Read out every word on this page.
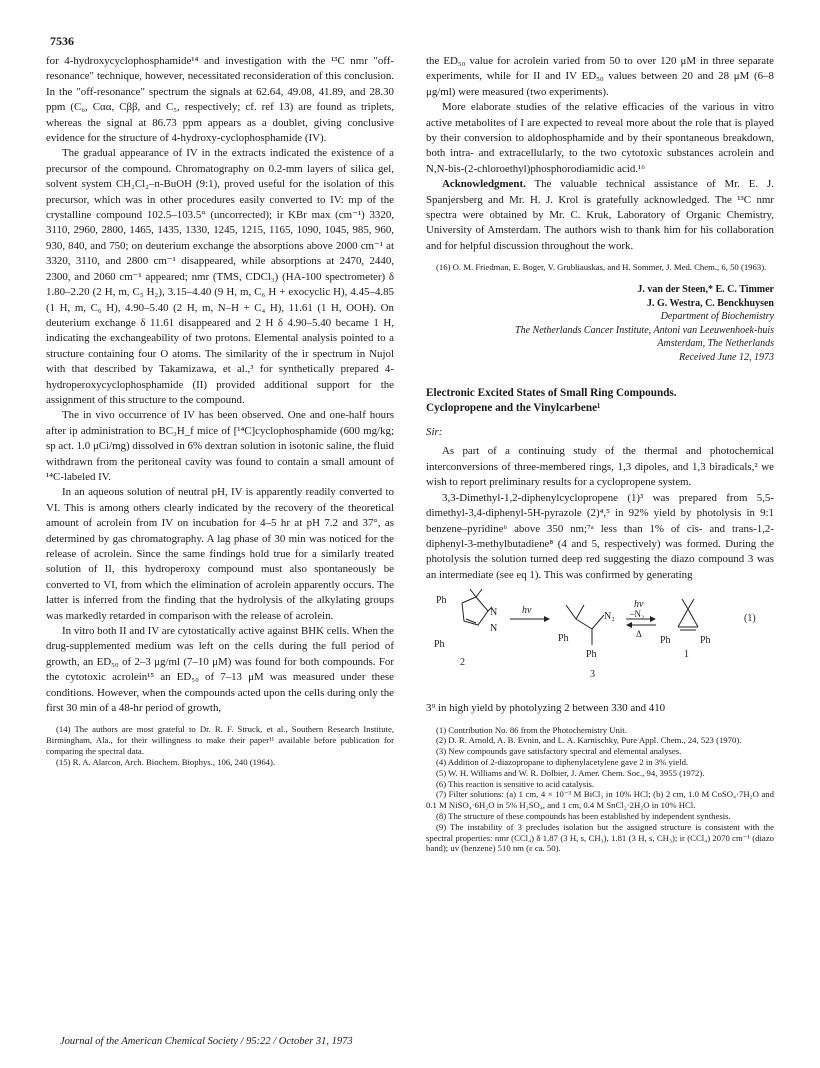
7536

for 4-hydroxycyclophosphamide¹⁴ and investigation with the ¹³C nmr "off-resonance" technique, however, necessitated reconsideration of this conclusion. In the "off-resonance" spectrum the signals at 62.64, 49.08, 41.89, and 28.30 ppm (C₆, Cαα, Cββ, and C₅, respectively; cf. ref 13) are found as triplets, whereas the signal at 86.73 ppm appears as a doublet, giving conclusive evidence for the structure of 4-hydroxy-cyclophosphamide (IV).

The gradual appearance of IV in the extracts indicated the existence of a precursor of the compound. Chromatography on 0.2-mm layers of silica gel, solvent system CH₂Cl₂–n-BuOH (9:1), proved useful for the isolation of this precursor, which was in other procedures easily converted to IV: mp of the crystalline compound 102.5–103.5° (uncorrected); ir KBr max (cm⁻¹) 3320, 3110, 2960, 2800, 1465, 1435, 1330, 1245, 1215, 1165, 1090, 1045, 985, 960, 930, 840, and 750; on deuterium exchange the absorptions above 2000 cm⁻¹ at 3320, 3110, and 2800 cm⁻¹ disappeared, while absorptions at 2470, 2440, 2300, and 2060 cm⁻¹ appeared; nmr (TMS, CDCl₃) (HA-100 spectrometer) δ 1.80–2.20 (2 H, m, C₅ H₂), 3.15–4.40 (9 H, m, C₆ H + exocyclic H), 4.45–4.85 (1 H, m, C₆ H), 4.90–5.40 (2 H, m, N–H + C₄ H), 11.61 (1 H, OOH). On deuterium exchange δ 11.61 disappeared and 2 H δ 4.90–5.40 became 1 H, indicating the exchangeability of two protons. Elemental analysis pointed to a structure containing four O atoms. The similarity of the ir spectrum in Nujol with that described by Takamizawa, et al.,³ for synthetically prepared 4-hydroperoxycyclophosphamide (II) provided additional support for the assignment of this structure to the compound.

The in vivo occurrence of IV has been observed. One and one-half hours after ip administration to BC₃H_f mice of [¹⁴C]cyclophosphamide (600 mg/kg; sp act. 1.0 μCi/mg) dissolved in 6% dextran solution in isotonic saline, the fluid withdrawn from the peritoneal cavity was found to contain a small amount of ¹⁴C-labeled IV.

In an aqueous solution of neutral pH, IV is apparently readily converted to VI. This is among others clearly indicated by the recovery of the theoretical amount of acrolein from IV on incubation for 4–5 hr at pH 7.2 and 37°, as determined by gas chromatography. A lag phase of 30 min was noticed for the release of acrolein. Since the same findings hold true for a similarly treated solution of II, this hydroperoxy compound must also spontaneously be converted to VI, from which the elimination of acrolein apparently occurs. The latter is inferred from the finding that the hydrolysis of the alkylating groups was markedly retarded in comparison with the release of acrolein.

In vitro both II and IV are cytostatically active against BHK cells. When the drug-supplemented medium was left on the cells during the full period of growth, an ED₅₀ of 2–3 μg/ml (7–10 μM) was found for both compounds. For the cytotoxic acrolein¹⁵ an ED₅₀ of 7–13 μM was measured under these conditions. However, when the compounds acted upon the cells during only the first 30 min of a 48-hr period of growth,

(14) The authors are most grateful to Dr. R. F. Struck, et al., Southern Research Institute, Birmingham, Ala., for their willingness to make their paper¹¹ available before publication for comparing the spectral data.

(15) R. A. Alarcon, Arch. Biochem. Biophys., 106, 240 (1964).

the ED₅₀ value for acrolein varied from 50 to over 120 μM in three separate experiments, while for II and IV ED₅₀ values between 20 and 28 μM (6–8 μg/ml) were measured (two experiments).

More elaborate studies of the relative efficacies of the various in vitro active metabolites of I are expected to reveal more about the role that is played by their conversion to aldophosphamide and by their spontaneous breakdown, both intra- and extracellularly, to the two cytotoxic substances acrolein and N,N-bis-(2-chloroethyl)phosphorodiamidic acid.¹⁶

Acknowledgment. The valuable technical assistance of Mr. E. J. Spanjersberg and Mr. H. J. Krol is gratefully acknowledged. The ¹³C nmr spectra were obtained by Mr. C. Kruk, Laboratory of Organic Chemistry, University of Amsterdam. The authors wish to thank him for his collaboration and for helpful discussion throughout the work.

(16) O. M. Friedman, E. Boger, V. Grubliauskas, and H. Sommer, J. Med. Chem., 6, 50 (1963).

J. van der Steen,* E. C. Timmer
J. G. Westra, C. Benckhuysen
Department of Biochemistry
The Netherlands Cancer Institute, Antoni van Leeuwenhoek-huis
Amsterdam, The Netherlands
Received June 12, 1973
Electronic Excited States of Small Ring Compounds.
Cyclopropene and the Vinylcarbene¹
Sir:

As part of a continuing study of the thermal and photochemical interconversions of three-membered rings, 1,3 dipoles, and 1,3 biradicals,² we wish to report preliminary results for a cyclopropene system.

3,3-Dimethyl-1,2-diphenylcyclopropene (1)³ was prepared from 5,5-dimethyl-3,4-diphenyl-5H-pyrazole (2)⁴,⁵ in 92% yield by photolysis in 9:1 benzene–pyridine⁶ above 350 nm;⁷ᵃ less than 1% of cis- and trans-1,2-diphenyl-3-methylbutadiene⁸ (4 and 5, respectively) was formed. During the photolysis the solution turned deep red suggesting the diazo compound 3 was an intermediate (see eq 1). This was confirmed by generating

Ph
N
N
Ph
2
hν
N₂
Ph
Ph
3
hν
–N₂
Δ
Ph	Ph
1
(1)

3⁹ in high yield by photolyzing 2 between 330 and 410

(1) Contribution No. 86 from the Photochemistry Unit.

(2) D. R. Arnold, A. B. Evnin, and L. A. Karnischky, Pure Appl. Chem., 24, 523 (1970).

(3) New compounds gave satisfactory spectral and elemental analyses.

(4) Addition of 2-diazopropane to diphenylacetylene gave 2 in 3% yield.

(5) W. H. Williams and W. R. Dolbier, J. Amer. Chem. Soc., 94, 3955 (1972).

(6) This reaction is sensitive to acid catalysis.

(7) Filter solutions: (a) 1 cm, 4 × 10⁻³ M BiCl₃ in 10% HCl; (b) 2 cm, 1.0 M CoSO₄·7H₂O and 0.1 M NiSO₄·6H₂O in 5% H₂SO₄, and 1 cm, 0.4 M SnCl₂·2H₂O in 10% HCl.

(8) The structure of these compounds has been established by independent synthesis.

(9) The instability of 3 precludes isolation but the assigned structure is consistent with the spectral properties: nmr (CCl₄) δ 1.87 (3 H, s, CH₃), 1.81 (3 H, s, CH₃); ir (CCl₄) 2070 cm⁻¹ (diazo band); uv (benzene) 510 nm (ε ca. 50).

Journal of the American Chemical Society / 95:22 / October 31, 1973
